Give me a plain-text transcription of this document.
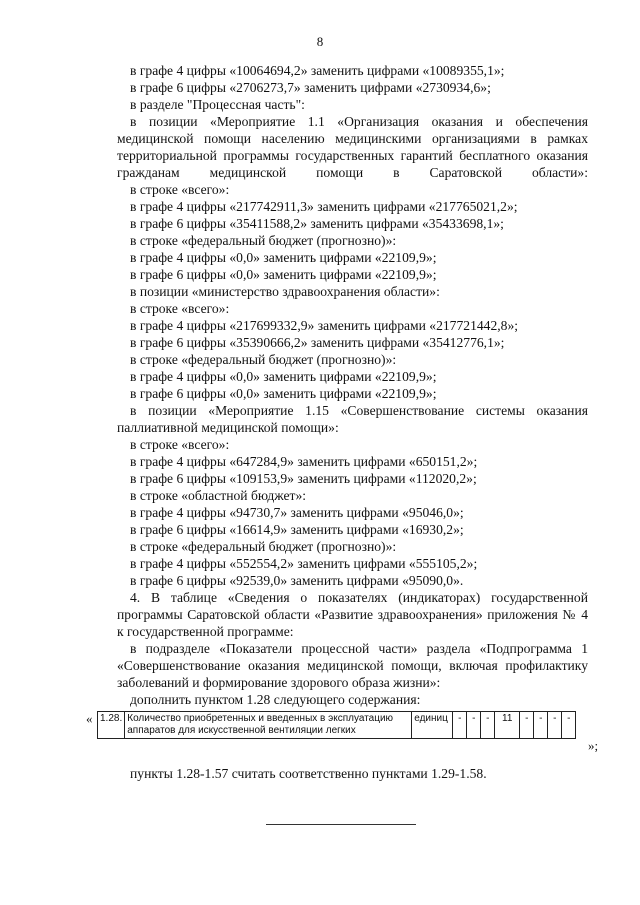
8

в графе 4 цифры «10064694,2» заменить цифрами «10089355,1»;

в графе 6 цифры «2706273,7» заменить цифрами «2730934,6»;

в разделе "Процессная часть":

в позиции «Мероприятие 1.1 «Организация оказания и обеспечения медицинской помощи населению медицинскими организациями в рамках территориальной программы государственных гарантий бесплатного оказания гражданам медицинской помощи в Саратовской области»:

в строке «всего»:

в графе 4 цифры «217742911,3» заменить цифрами «217765021,2»;

в графе 6 цифры «35411588,2» заменить цифрами «35433698,1»;

в строке «федеральный бюджет (прогнозно)»:

в графе 4 цифры «0,0» заменить цифрами «22109,9»;

в графе 6 цифры «0,0» заменить цифрами «22109,9»;

в позиции «министерство здравоохранения области»:

в строке «всего»:

в графе 4 цифры «217699332,9» заменить цифрами «217721442,8»;

в графе 6 цифры «35390666,2» заменить цифрами «35412776,1»;

в строке «федеральный бюджет (прогнозно)»:

в графе 4 цифры «0,0» заменить цифрами «22109,9»;

в графе 6 цифры «0,0» заменить цифрами «22109,9»;

в позиции «Мероприятие 1.15 «Совершенствование системы оказания паллиативной медицинской помощи»:

в строке «всего»:

в графе 4 цифры «647284,9» заменить цифрами «650151,2»;

в графе 6 цифры «109153,9» заменить цифрами «112020,2»;

в строке «областной бюджет»:

в графе 4 цифры «94730,7» заменить цифрами «95046,0»;

в графе 6 цифры «16614,9» заменить цифрами «16930,2»;

в строке «федеральный бюджет (прогнозно)»:

в графе 4 цифры «552554,2» заменить цифрами «555105,2»;

в графе 6 цифры «92539,0» заменить цифрами «95090,0».

4. В таблице «Сведения о показателях (индикаторах) государственной программы Саратовской области «Развитие здравоохранения» приложения № 4 к государственной программе:

в подразделе «Показатели процессной части» раздела «Подпрограмма 1 «Совершенствование оказания медицинской помощи, включая профилактику заболеваний и формирование здорового образа жизни»:

дополнить пунктом 1.28 следующего содержания:

« 1.28.	Количество приобретенных и введенных в эксплуатацию аппаратов для искусственной вентиляции легких	единиц	-	-	-	11	-	-	-	-
»;
пункты 1.28-1.57 считать соответственно пунктами 1.29-1.58.
